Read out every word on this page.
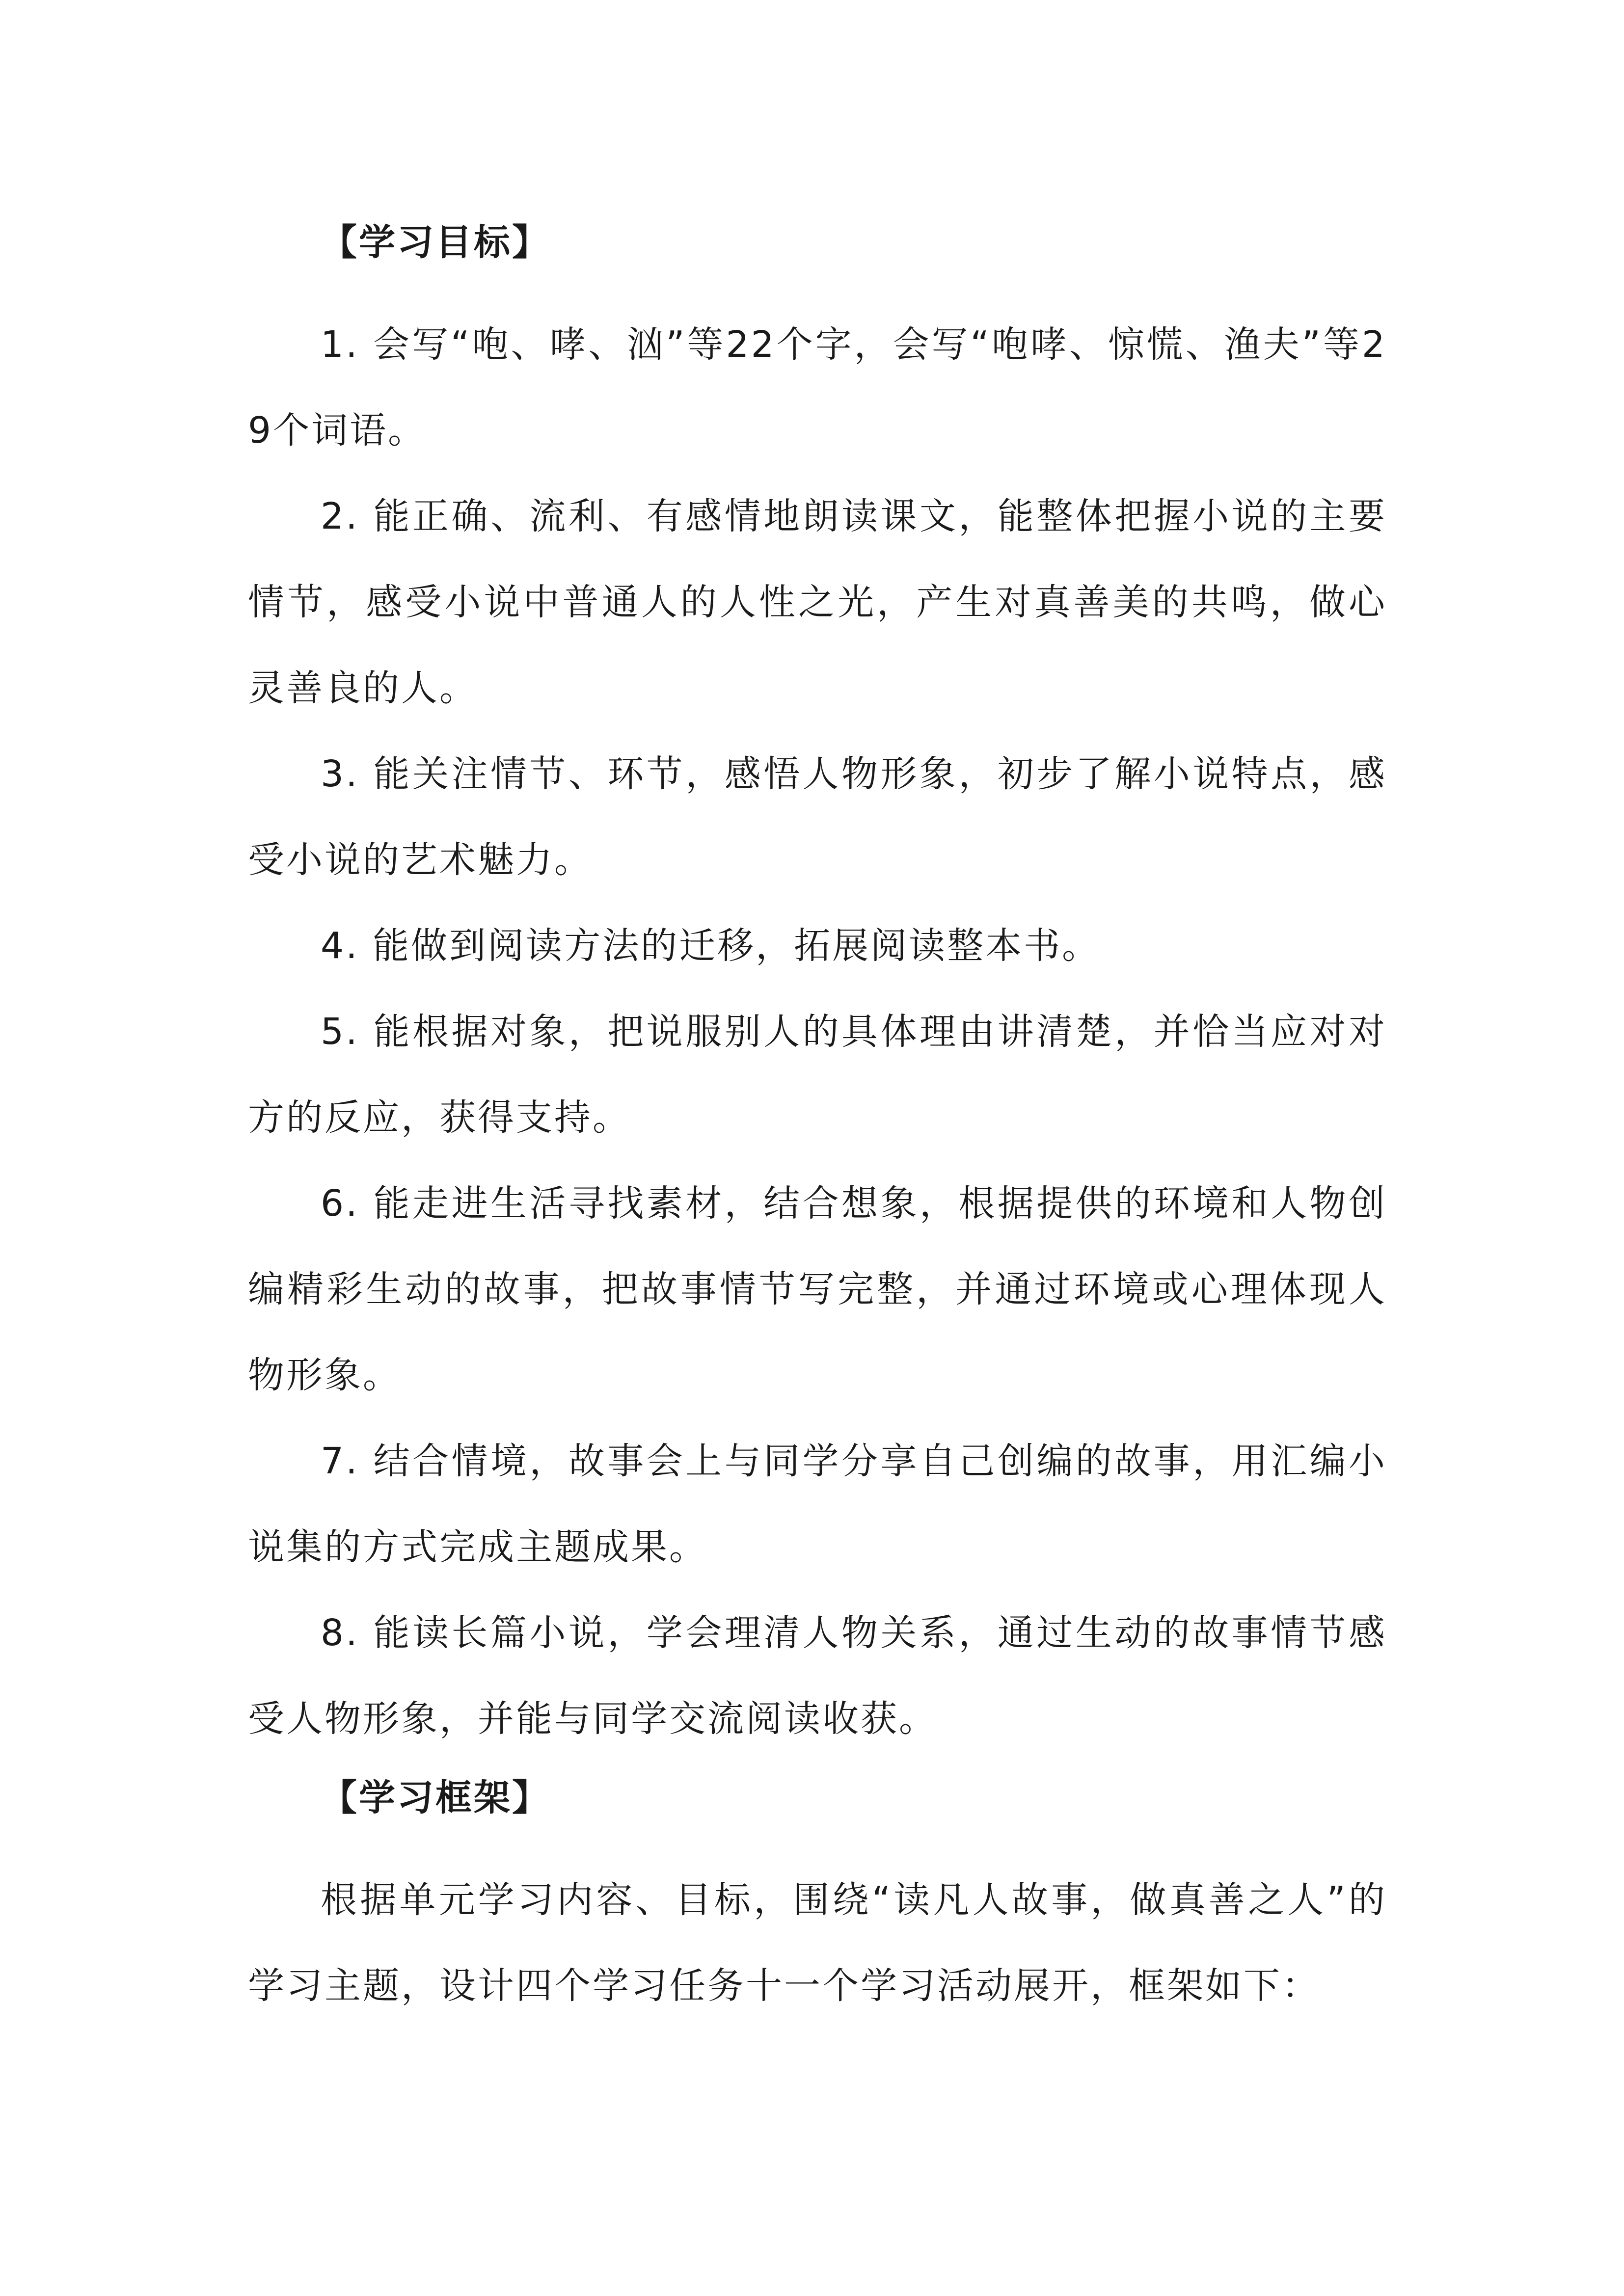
【学习目标】

1. 会写“咆、哮、汹”等22个字，会写“咆哮、惊慌、渔夫”等29个词语。

2. 能正确、流利、有感情地朗读课文，能整体把握小说的主要情节，感受小说中普通人的人性之光，产生对真善美的共鸣，做心灵善良的人。

3. 能关注情节、环节，感悟人物形象，初步了解小说特点，感受小说的艺术魅力。

4. 能做到阅读方法的迁移，拓展阅读整本书。

5. 能根据对象，把说服别人的具体理由讲清楚，并恰当应对对方的反应，获得支持。

6. 能走进生活寻找素材，结合想象，根据提供的环境和人物创编精彩生动的故事，把故事情节写完整，并通过环境或心理体现人物形象。

7. 结合情境，故事会上与同学分享自己创编的故事，用汇编小说集的方式完成主题成果。

8. 能读长篇小说，学会理清人物关系，通过生动的故事情节感受人物形象，并能与同学交流阅读收获。

【学习框架】

根据单元学习内容、目标，围绕“读凡人故事，做真善之人”的学习主题，设计四个学习任务十一个学习活动展开，框架如下：
